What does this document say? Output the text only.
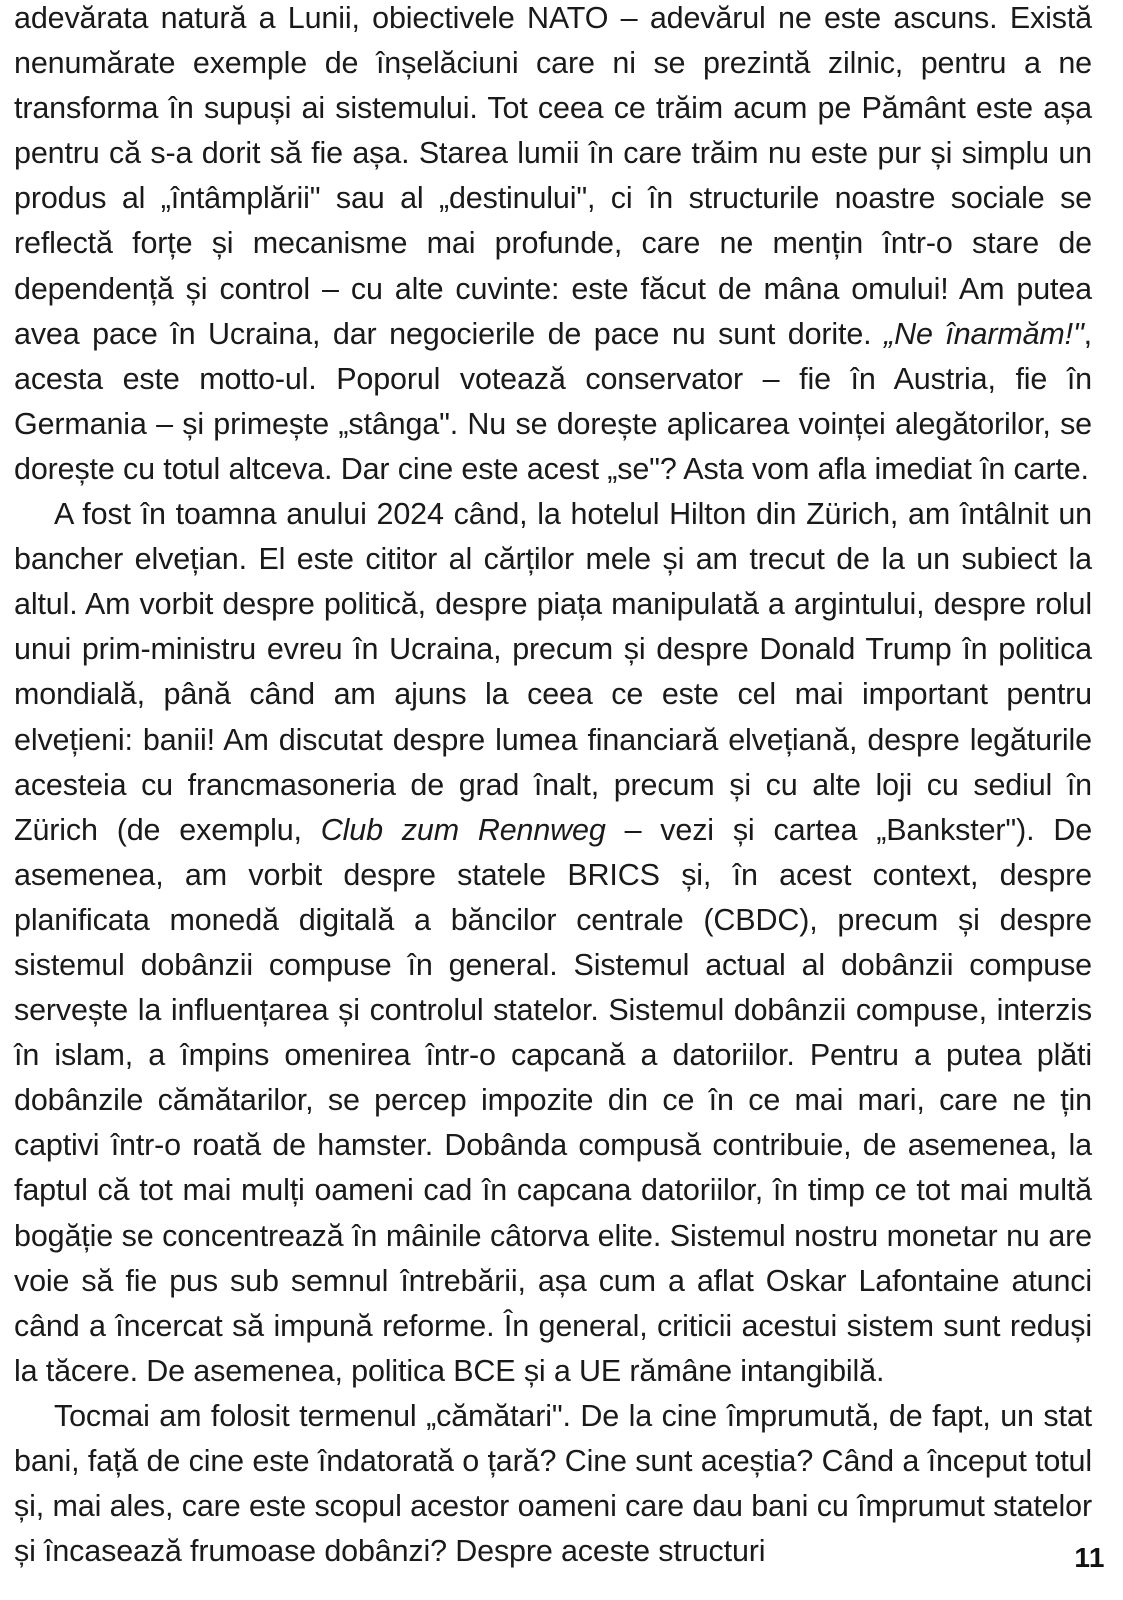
adevărata natură a Lunii, obiectivele NATO – adevărul ne este ascuns. Există nenumărate exemple de înșelăciuni care ni se prezintă zilnic, pentru a ne transforma în supuși ai sistemului. Tot ceea ce trăim acum pe Pământ este așa pentru că s-a dorit să fie așa. Starea lumii în care trăim nu este pur și simplu un produs al „întâmplării" sau al „destinului", ci în structurile noastre sociale se reflectă forțe și mecanisme mai profunde, care ne mențin într-o stare de dependență și control – cu alte cuvinte: este făcut de mâna omului! Am putea avea pace în Ucraina, dar negocierile de pace nu sunt dorite. „Ne înarmăm!", acesta este motto-ul. Poporul votează conservator – fie în Austria, fie în Germania – și primește „stânga". Nu se dorește aplicarea voinței alegătorilor, se dorește cu totul altceva. Dar cine este acest „se"? Asta vom afla imediat în carte.

A fost în toamna anului 2024 când, la hotelul Hilton din Zürich, am întâlnit un bancher elvețian. El este cititor al cărților mele și am trecut de la un subiect la altul. Am vorbit despre politică, despre piața manipulată a argintului, despre rolul unui prim-ministru evreu în Ucraina, precum și despre Donald Trump în politica mondială, până când am ajuns la ceea ce este cel mai important pentru elvețieni: banii! Am discutat despre lumea financiară elvețiană, despre legăturile acesteia cu francmasoneria de grad înalt, precum și cu alte loji cu sediul în Zürich (de exemplu, Club zum Rennweg – vezi și cartea „Bankster"). De asemenea, am vorbit despre statele BRICS și, în acest context, despre planificata monedă digitală a băncilor centrale (CBDC), precum și despre sistemul dobânzii compuse în general. Sistemul actual al dobânzii compuse servește la influențarea și controlul statelor. Sistemul dobânzii compuse, interzis în islam, a împins omenirea într-o capcană a datoriilor. Pentru a putea plăti dobânzile cămătarilor, se percep impozite din ce în ce mai mari, care ne țin captivi într-o roată de hamster. Dobânda compusă contribuie, de asemenea, la faptul că tot mai mulți oameni cad în capcana datoriilor, în timp ce tot mai multă bogăție se concentrează în mâinile câtorva elite. Sistemul nostru monetar nu are voie să fie pus sub semnul întrebării, așa cum a aflat Oskar Lafontaine atunci când a încercat să impună reforme. În general, criticii acestui sistem sunt reduși la tăcere. De asemenea, politica BCE și a UE rămâne intangibilă.

Tocmai am folosit termenul „cămătari". De la cine împrumută, de fapt, un stat bani, față de cine este îndatorată o țară? Cine sunt aceștia? Când a început totul și, mai ales, care este scopul acestor oameni care dau bani cu împrumut statelor și încasează frumoase dobânzi? Despre aceste structuri	11
